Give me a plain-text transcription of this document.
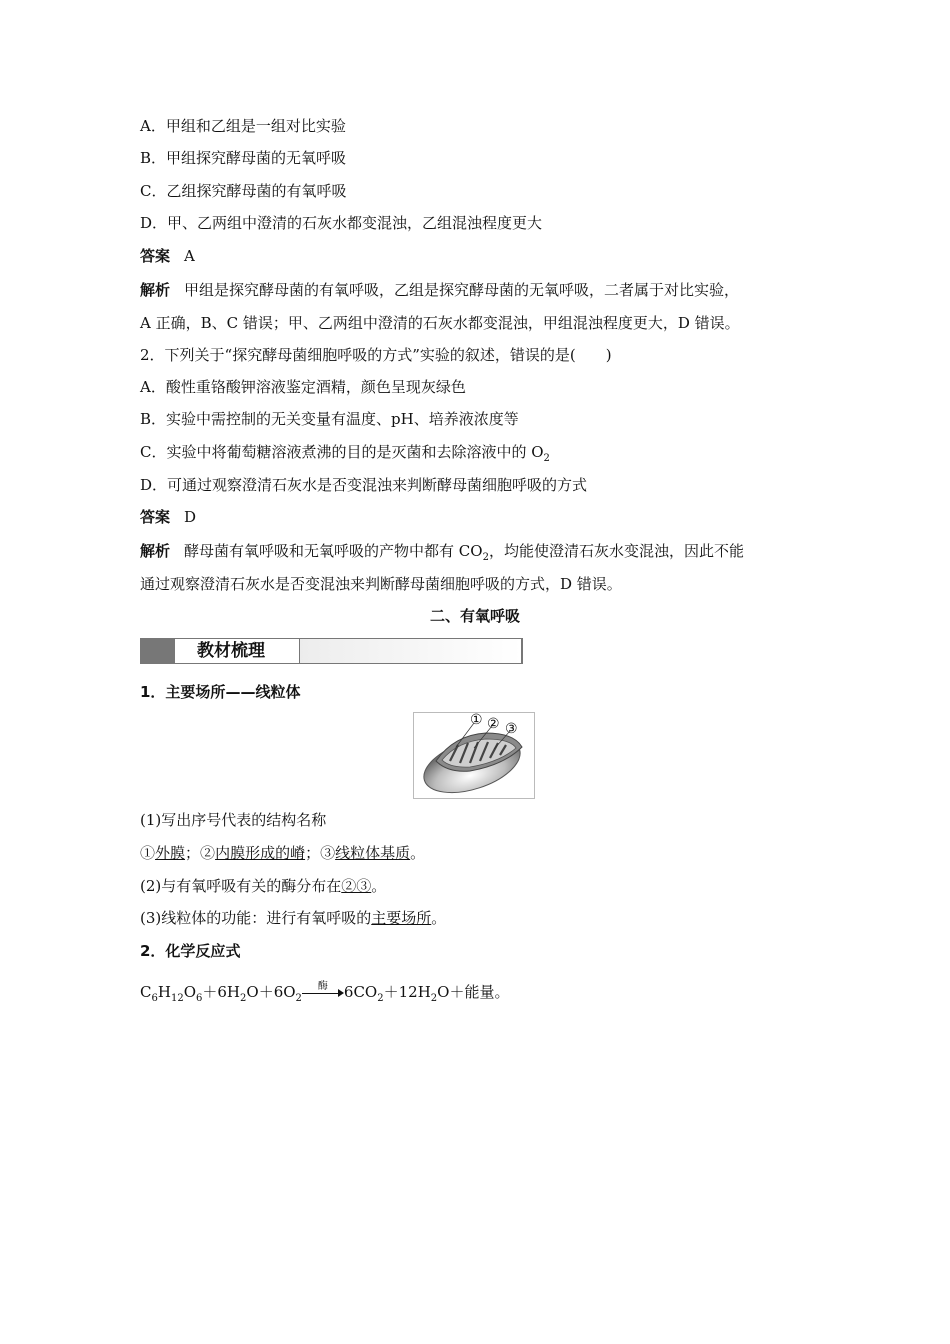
A．甲组和乙组是一组对比实验
B．甲组探究酵母菌的无氧呼吸
C．乙组探究酵母菌的有氧呼吸
D．甲、乙两组中澄清的石灰水都变混浊，乙组混浊程度更大
答案 A
解析 甲组是探究酵母菌的有氧呼吸，乙组是探究酵母菌的无氧呼吸，二者属于对比实验，
A 正确，B、C 错误；甲、乙两组中澄清的石灰水都变混浊，甲组混浊程度更大，D 错误。
2．下列关于“探究酵母菌细胞呼吸的方式”实验的叙述，错误的是(　　)
A．酸性重铬酸钾溶液鉴定酒精，颜色呈现灰绿色
B．实验中需控制的无关变量有温度、pH、培养液浓度等
C．实验中将葡萄糖溶液煮沸的目的是灭菌和去除溶液中的 $O_2$
D．可通过观察澄清石灰水是否变混浊来判断酵母菌细胞呼吸的方式
答案 D
解析 酵母菌有氧呼吸和无氧呼吸的产物中都有 $CO_2$，均能使澄清石灰水变混浊，因此不能
通过观察澄清石灰水是否变混浊来判断酵母菌细胞呼吸的方式，D 错误。
二、有氧呼吸
教材梳理
1．主要场所——线粒体
① ② ③
(1)写出序号代表的结构名称
①外膜；②内膜形成的嵴；③线粒体基质。
(2)与有氧呼吸有关的酶分布在②③。
(3)线粒体的功能：进行有氧呼吸的主要场所。
2．化学反应式
$C_6H_{12}O_6+6H_2O+6O_2$
酶	$6CO_2+12H_2O+$能量。
